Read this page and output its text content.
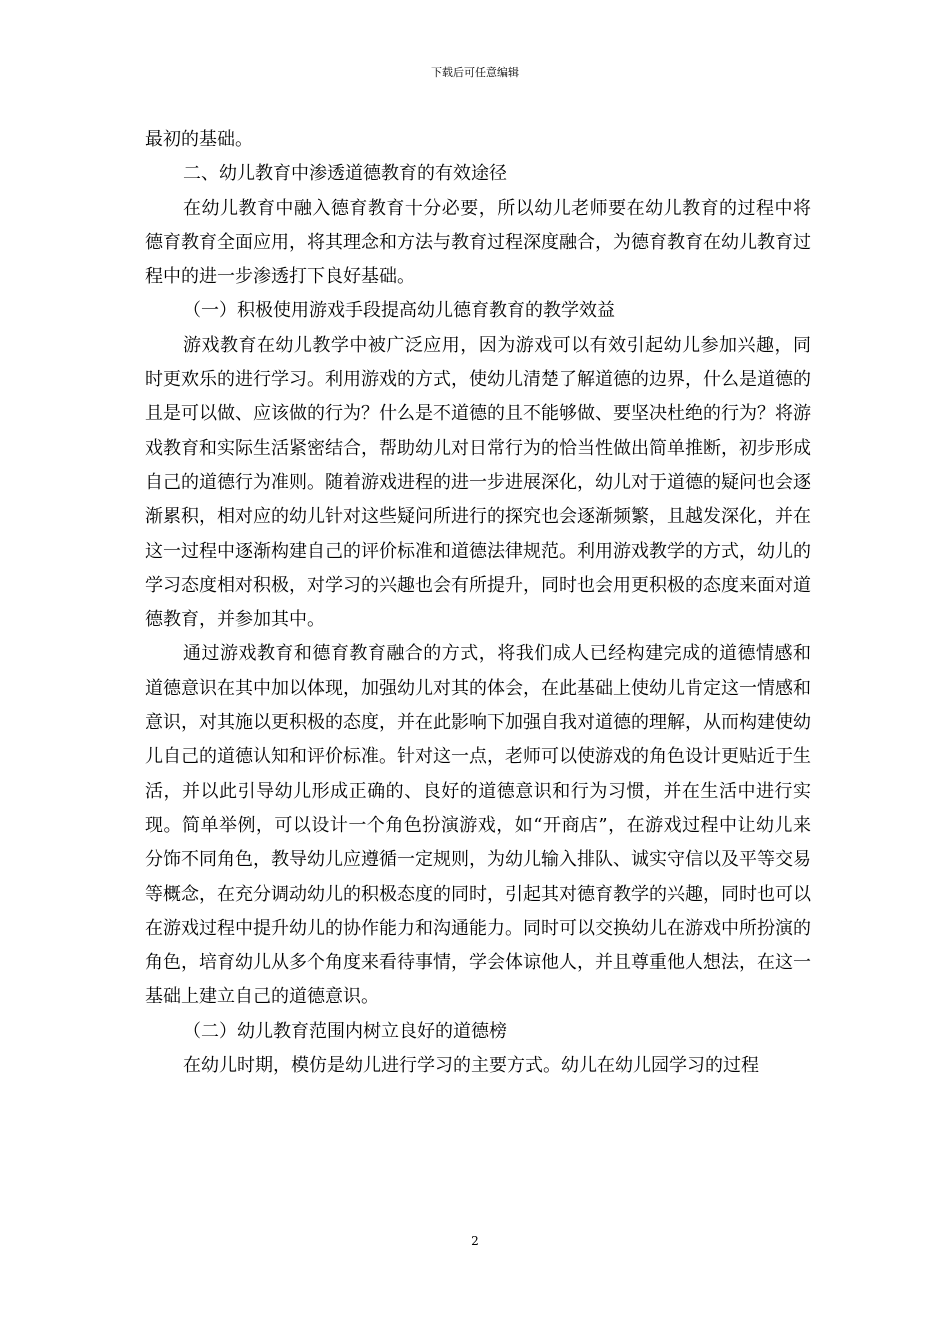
下载后可任意编辑

最初的基础。

二、幼儿教育中渗透道德教育的有效途径

在幼儿教育中融入德育教育十分必要，所以幼儿老师要在幼儿教育的过程中将德育教育全面应用，将其理念和方法与教育过程深度融合，为德育教育在幼儿教育过程中的进一步渗透打下良好基础。

（一）积极使用游戏手段提高幼儿德育教育的教学效益

游戏教育在幼儿教学中被广泛应用，因为游戏可以有效引起幼儿参加兴趣，同时更欢乐的进行学习。利用游戏的方式，使幼儿清楚了解道德的边界，什么是道德的且是可以做、应该做的行为？什么是不道德的且不能够做、要坚决杜绝的行为？将游戏教育和实际生活紧密结合，帮助幼儿对日常行为的恰当性做出简单推断，初步形成自己的道德行为准则。随着游戏进程的进一步进展深化，幼儿对于道德的疑问也会逐渐累积，相对应的幼儿针对这些疑问所进行的探究也会逐渐频繁，且越发深化，并在这一过程中逐渐构建自己的评价标准和道德法律规范。利用游戏教学的方式，幼儿的学习态度相对积极，对学习的兴趣也会有所提升，同时也会用更积极的态度来面对道德教育，并参加其中。

通过游戏教育和德育教育融合的方式，将我们成人已经构建完成的道德情感和道德意识在其中加以体现，加强幼儿对其的体会，在此基础上使幼儿肯定这一情感和意识，对其施以更积极的态度，并在此影响下加强自我对道德的理解，从而构建使幼儿自己的道德认知和评价标准。针对这一点，老师可以使游戏的角色设计更贴近于生活，并以此引导幼儿形成正确的、良好的道德意识和行为习惯，并在生活中进行实现。简单举例，可以设计一个角色扮演游戏，如“开商店”，在游戏过程中让幼儿来分饰不同角色，教导幼儿应遵循一定规则，为幼儿输入排队、诚实守信以及平等交易等概念，在充分调动幼儿的积极态度的同时，引起其对德育教学的兴趣，同时也可以在游戏过程中提升幼儿的协作能力和沟通能力。同时可以交换幼儿在游戏中所扮演的角色，培育幼儿从多个角度来看待事情，学会体谅他人，并且尊重他人想法，在这一基础上建立自己的道德意识。

（二）幼儿教育范围内树立良好的道德榜

在幼儿时期，模仿是幼儿进行学习的主要方式。幼儿在幼儿园学习的过程

2
